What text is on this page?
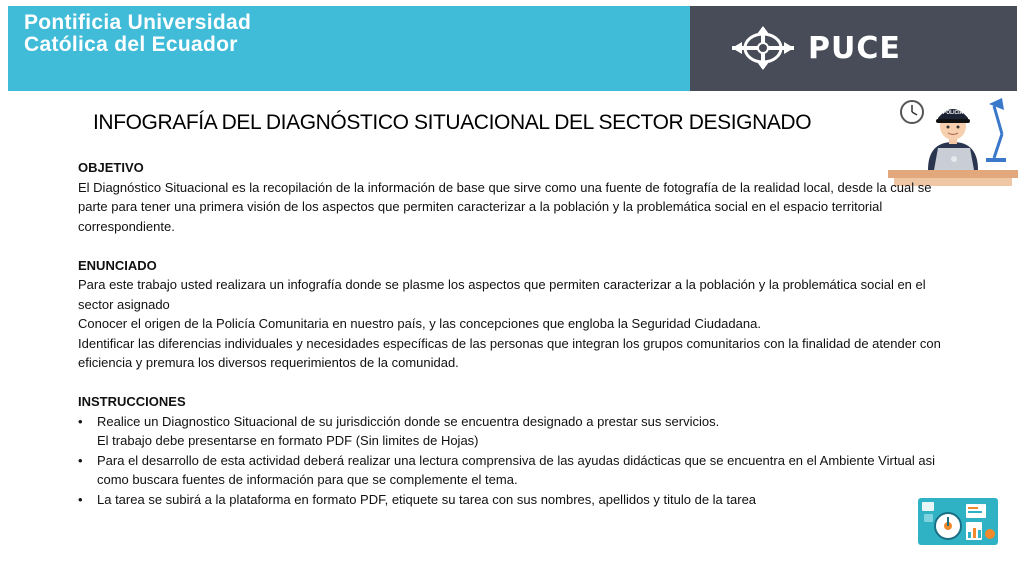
Pontificia Universidad
Católica del Ecuador	PUCE
INFOGRAFÍA DEL DIAGNÓSTICO SITUACIONAL DEL SECTOR DESIGNADO	POLICIA
OBJETIVO
El Diagnóstico Situacional es la recopilación de la información de base que sirve como una fuente de fotografía de la realidad local, desde la cual se parte para tener una primera visión de los aspectos que permiten caracterizar a la población y la problemática social en el espacio territorial correspondiente.
ENUNCIADO
Para este trabajo usted realizara un infografía donde se plasme los aspectos que permiten caracterizar a la población y la problemática social en el sector asignado
Conocer el origen de la Policía Comunitaria en nuestro país, y las concepciones que engloba la Seguridad Ciudadana.
Identificar las diferencias individuales y necesidades específicas de las personas que integran los grupos comunitarios con la finalidad de atender con eficiencia y premura los diversos requerimientos de la comunidad.
INSTRUCCIONES
• Realice un Diagnostico Situacional de su jurisdicción donde se encuentra designado a prestar sus servicios.
El trabajo debe presentarse en formato PDF (Sin limites de Hojas)
• Para el desarrollo de esta actividad deberá realizar una lectura comprensiva de las ayudas didácticas que se encuentra en el Ambiente Virtual asi como buscara fuentes de información para que se complemente el tema.
• La tarea se subirá a la plataforma en formato PDF, etiquete su tarea con sus nombres, apellidos y titulo de la tarea
